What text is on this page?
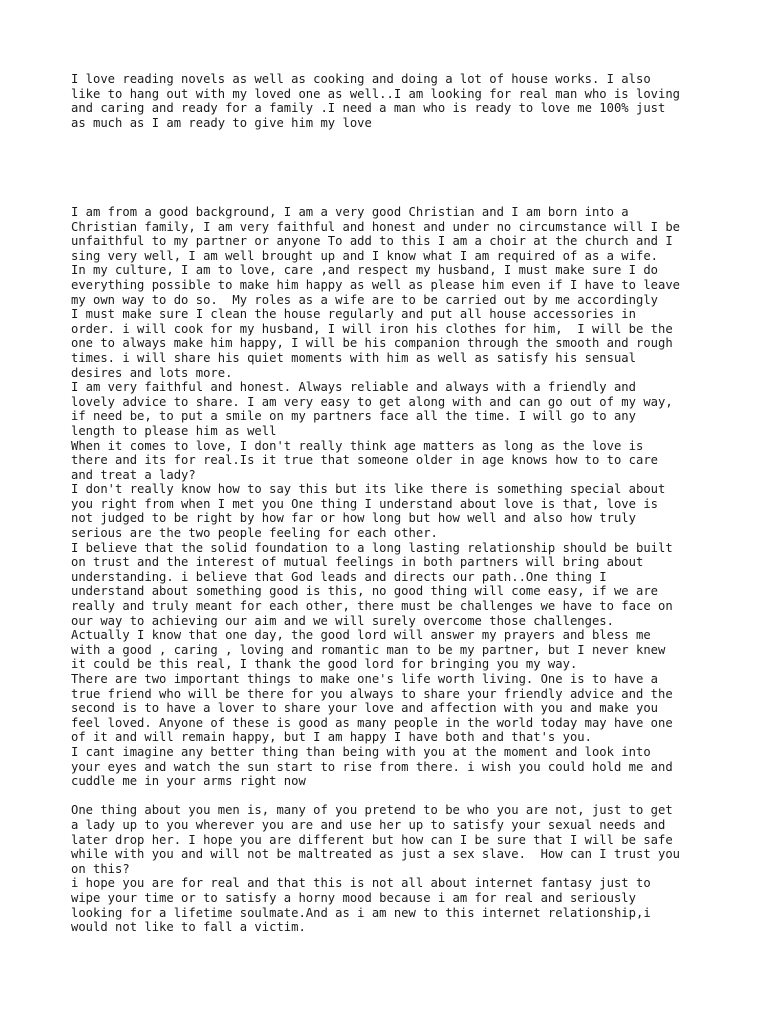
I love reading novels as well as cooking and doing a lot of house works. I also
like to hang out with my loved one as well..I am looking for real man who is loving
and caring and ready for a family .I need a man who is ready to love me 100% just
as much as I am ready to give him my love
I am from a good background, I am a very good Christian and I am born into a
Christian family, I am very faithful and honest and under no circumstance will I be
unfaithful to my partner or anyone To add to this I am a choir at the church and I
sing very well, I am well brought up and I know what I am required of as a wife.
In my culture, I am to love, care ,and respect my husband, I must make sure I do
everything possible to make him happy as well as please him even if I have to leave
my own way to do so.  My roles as a wife are to be carried out by me accordingly
I must make sure I clean the house regularly and put all house accessories in
order. i will cook for my husband, I will iron his clothes for him,  I will be the
one to always make him happy, I will be his companion through the smooth and rough
times. i will share his quiet moments with him as well as satisfy his sensual
desires and lots more.
I am very faithful and honest. Always reliable and always with a friendly and
lovely advice to share. I am very easy to get along with and can go out of my way,
if need be, to put a smile on my partners face all the time. I will go to any
length to please him as well
When it comes to love, I don't really think age matters as long as the love is
there and its for real.Is it true that someone older in age knows how to to care
and treat a lady?
I don't really know how to say this but its like there is something special about
you right from when I met you One thing I understand about love is that, love is
not judged to be right by how far or how long but how well and also how truly
serious are the two people feeling for each other.
I believe that the solid foundation to a long lasting relationship should be built
on trust and the interest of mutual feelings in both partners will bring about
understanding. i believe that God leads and directs our path..One thing I
understand about something good is this, no good thing will come easy, if we are
really and truly meant for each other, there must be challenges we have to face on
our way to achieving our aim and we will surely overcome those challenges.
Actually I know that one day, the good lord will answer my prayers and bless me
with a good , caring , loving and romantic man to be my partner, but I never knew
it could be this real, I thank the good lord for bringing you my way.
There are two important things to make one's life worth living. One is to have a
true friend who will be there for you always to share your friendly advice and the
second is to have a lover to share your love and affection with you and make you
feel loved. Anyone of these is good as many people in the world today may have one
of it and will remain happy, but I am happy I have both and that's you.
I cant imagine any better thing than being with you at the moment and look into
your eyes and watch the sun start to rise from there. i wish you could hold me and
cuddle me in your arms right now
One thing about you men is, many of you pretend to be who you are not, just to get
a lady up to you wherever you are and use her up to satisfy your sexual needs and
later drop her. I hope you are different but how can I be sure that I will be safe
while with you and will not be maltreated as just a sex slave.  How can I trust you
on this?
i hope you are for real and that this is not all about internet fantasy just to
wipe your time or to satisfy a horny mood because i am for real and seriously
looking for a lifetime soulmate.And as i am new to this internet relationship,i
would not like to fall a victim.
